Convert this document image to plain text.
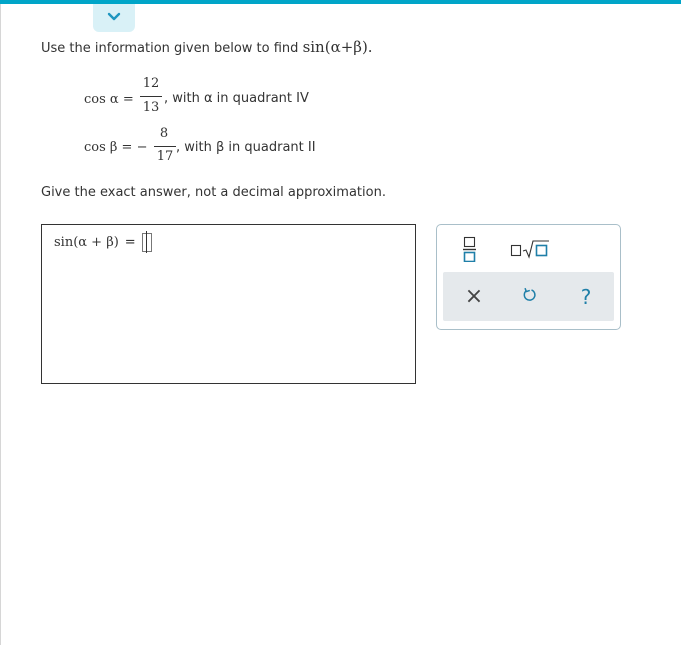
Use the information given below to find sin(α+β).
cos α =
12
13
, with α in quadrant IV
cos β = −
8
17
, with β in quadrant II
Give the exact answer, not a decimal approximation.
sin(α + β) =
×	?
